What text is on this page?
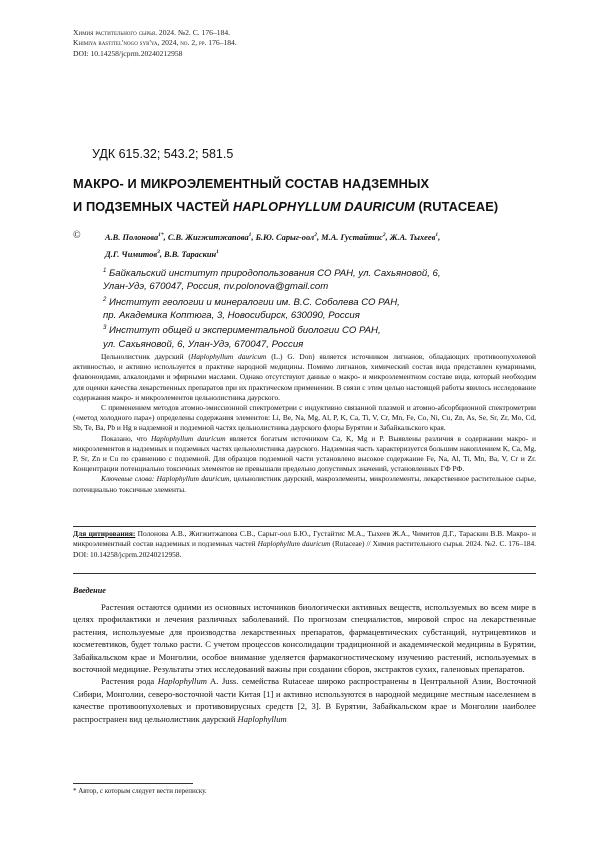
Химия растительного сырья. 2024. №2. С. 176–184.
Khimiya rastitel'nogo syr'ya, 2024, no. 2, pp. 176–184.
DOI: 10.14258/jcprm.20240212958
УДК 615.32; 543.2; 581.5
МАКРО- И МИКРОЭЛЕМЕНТНЫЙ СОСТАВ НАДЗЕМНЫХ
И ПОДЗЕМНЫХ ЧАСТЕЙ HAPLOPHYLLUM DAURICUM (RUTACEAE)
©	А.В. Полонова$^{1*}$, С.В. Жигжитжапова$^1$, Б.Ю. Сарыг-оол$^2$, М.А. Густайтис$^2$, Ж.А. Тыхеев$^1$,
Д.Г. Чимитов$^3$, В.В. Тараскин$^1$
$^1$ Байкальский институт природопользования СО РАН, ул. Сахьяновой, 6,
Улан-Удэ, 670047, Россия, nv.polonova@gmail.com
$^2$ Институт геологии и минералогии им. В.С. Соболева СО РАН,
пр. Академика Коптюга, 3, Новосибирск, 630090, Россия
$^3$ Институт общей и экспериментальной биологии СО РАН,
ул. Сахьяновой, 6, Улан-Удэ, 670047, Россия

Цельнолистник даурский (Haplophyllum dauricum (L.) G. Don) является источником лигнанов, обладающих противоопухолевой активностью, и активно используется в практике народной медицины. Помимо лигнанов, химический состав вида представлен кумаринами, флавоноидами, алкалоидами и эфирными маслами. Однако отсутствуют данные о макро- и микроэлементном составе вида, который необходим для оценки качества лекарственных препаратов при их практическом применении. В связи с этим целью настоящей работы явилось исследование содержания макро- и микроэлементов цельнолистника даурского.

С применением методов атомно-эмиссионной спектрометрии с индуктивно связанной плазмой и атомно-абсорбционной спектрометрии («метод холодного пара») определены содержания элементов: Li, Be, Na, Mg, Al, P, K, Ca, Ti, V, Cr, Mn, Fe, Co, Ni, Cu, Zn, As, Se, Sr, Zr, Mo, Cd, Sb, Te, Ba, Pb и Hg в надземной и подземной частях цельнолистника даурского флоры Бурятии и Забайкальского края.

Показано, что Haplophyllum dauricum является богатым источником Ca, K, Mg и P. Выявлены различия в содержании макро- и микроэлементов в надземных и подземных частях цельнолистника даурского. Надземная часть характеризуется большим накоплением K, Ca, Mg, P, Sr, Zn и Cu по сравнению с подземной. Для образцов подземной части установлено высокое содержание Fe, Na, Al, Ti, Mn, Ba, V, Cr и Zr. Концентрации потенциально токсичных элементов не превышали предельно допустимых значений, установленных ГФ РФ.

Ключевые слова: Haplophyllum dauricum, цельнолистник даурский, макроэлементы, микроэлементы, лекарственное растительное сырье, потенциально токсичные элементы.

Для цитирования: Полонова А.В., Жигжитжапова С.В., Сарыг-оол Б.Ю., Густайтис М.А., Тыхеев Ж.А., Чимитов Д.Г., Тараскин В.В. Макро- и микроэлементный состав надземных и подземных частей Haplophyllum dauricum (Rutaceae) // Химия растительного сырья. 2024. №2. С. 176–184. DOI: 10.14258/jcprm.20240212958.
Введение

Растения остаются одними из основных источников биологически активных веществ, используемых во всем мире в целях профилактики и лечения различных заболеваний. По прогнозам специалистов, мировой спрос на лекарственные растения, используемые для производства лекарственных препаратов, фармацевтических субстанций, нутрицевтиков и косметевтиков, будет только расти. С учетом процессов консолидации традиционной и академической медицины в Бурятии, Забайкальском крае и Монголии, особое внимание уделяется фармакогностическому изучению растений, используемых в восточной медицине. Результаты этих исследований важны при создании сборов, экстрактов сухих, галеновых препаратов.

Растения рода Haplophyllum A. Juss. семейства Rutaceae широко распространены в Центральной Азии, Восточной Сибири, Монголии, северо-восточной части Китая [1] и активно используются в народной медицине местным населением в качестве противоопухолевых и противовирусных средств [2, 3]. В Бурятии, Забайкальском крае и Монголии наиболее распространен вид цельнолистник даурский Haplophyllum

* Автор, с которым следует вести переписку.
